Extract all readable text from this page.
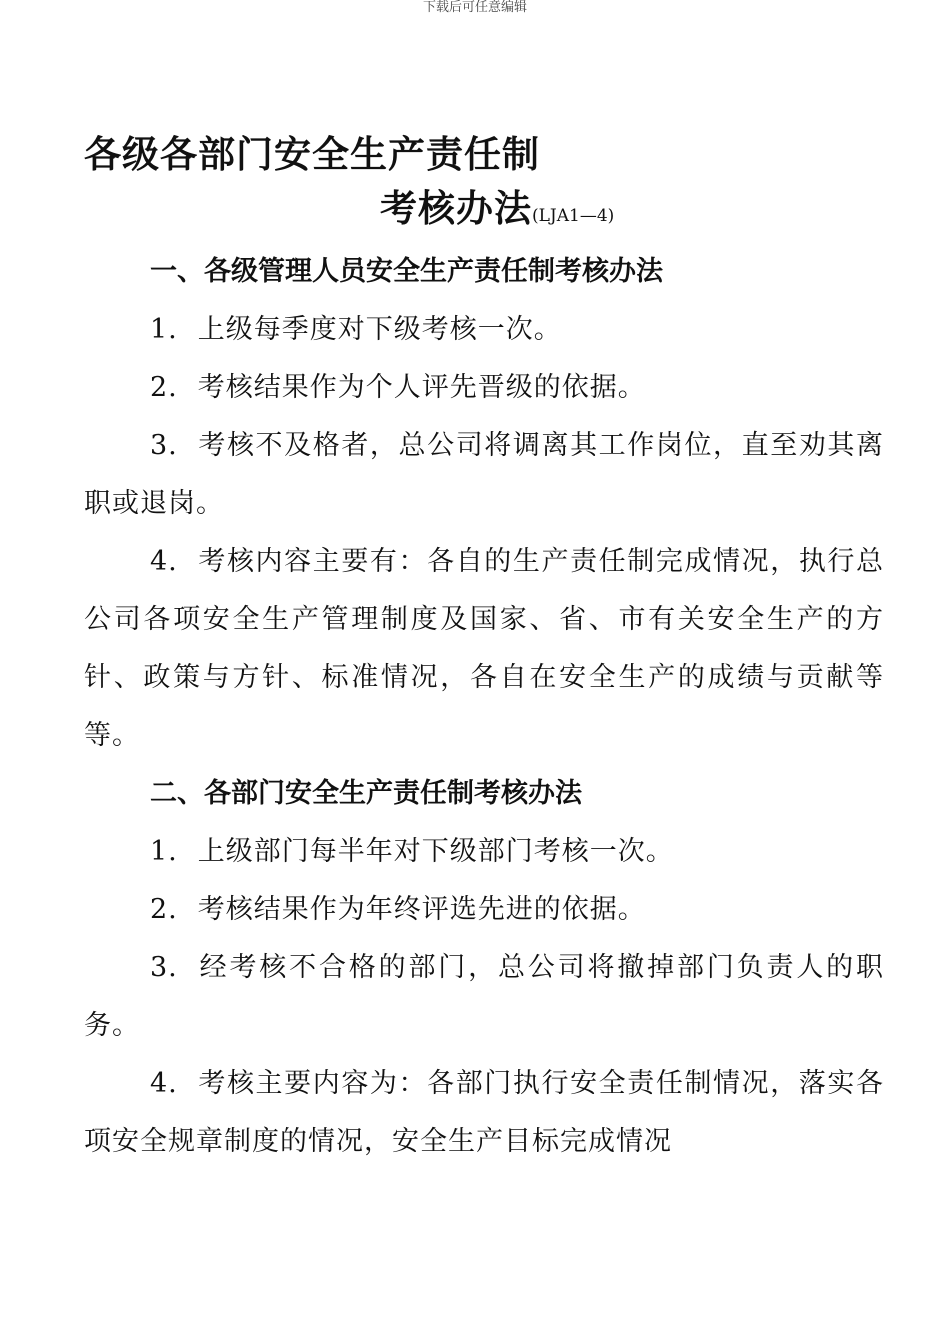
下载后可任意编辑
各级各部门安全生产责任制
考核办法(LJA1—4)
一、各级管理人员安全生产责任制考核办法

1. 上级每季度对下级考核一次。

2. 考核结果作为个人评先晋级的依据。

3. 考核不及格者，总公司将调离其工作岗位，直至劝其离职或退岗。

4. 考核内容主要有：各自的生产责任制完成情况，执行总公司各项安全生产管理制度及国家、省、市有关安全生产的方针、政策与方针、标准情况，各自在安全生产的成绩与贡献等等。

二、各部门安全生产责任制考核办法

1. 上级部门每半年对下级部门考核一次。

2. 考核结果作为年终评选先进的依据。

3. 经考核不合格的部门，总公司将撤掉部门负责人的职务。

4. 考核主要内容为：各部门执行安全责任制情况，落实各项安全规章制度的情况，安全生产目标完成情况
